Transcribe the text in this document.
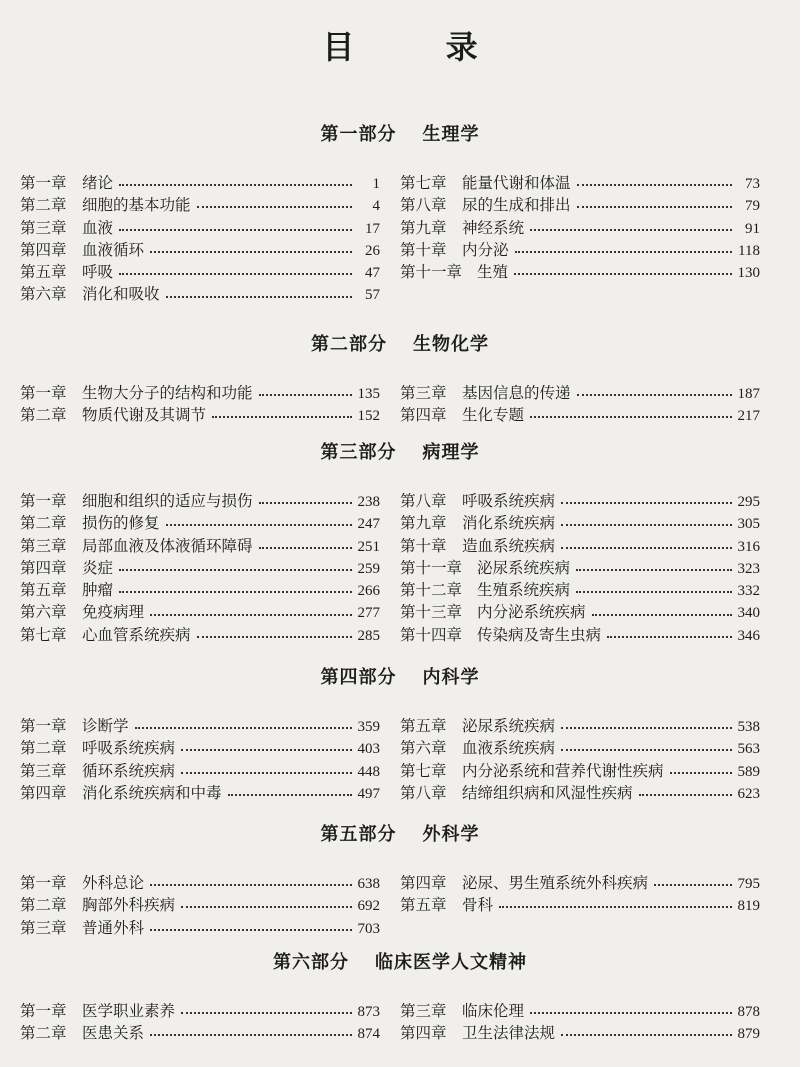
目 录
第一部分 生理学
第一章 绪论	1
第二章 细胞的基本功能	4
第三章 血液	17
第四章 血液循环	26
第五章 呼吸	47
第六章 消化和吸收	57
第七章 能量代谢和体温	73
第八章 尿的生成和排出	79
第九章 神经系统	91
第十章 内分泌	118
第十一章 生殖	130
第二部分 生物化学
第一章 生物大分子的结构和功能	135
第二章 物质代谢及其调节	152
第三章 基因信息的传递	187
第四章 生化专题	217
第三部分 病理学
第一章 细胞和组织的适应与损伤	238
第二章 损伤的修复	247
第三章 局部血液及体液循环障碍	251
第四章 炎症	259
第五章 肿瘤	266
第六章 免疫病理	277
第七章 心血管系统疾病	285
第八章 呼吸系统疾病	295
第九章 消化系统疾病	305
第十章 造血系统疾病	316
第十一章 泌尿系统疾病	323
第十二章 生殖系统疾病	332
第十三章 内分泌系统疾病	340
第十四章 传染病及寄生虫病	346
第四部分 内科学
第一章 诊断学	359
第二章 呼吸系统疾病	403
第三章 循环系统疾病	448
第四章 消化系统疾病和中毒	497
第五章 泌尿系统疾病	538
第六章 血液系统疾病	563
第七章 内分泌系统和营养代谢性疾病	589
第八章 结缔组织病和风湿性疾病	623
第五部分 外科学
第一章 外科总论	638
第二章 胸部外科疾病	692
第三章 普通外科	703
第四章 泌尿、男生殖系统外科疾病	795
第五章 骨科	819
第六部分 临床医学人文精神
第一章 医学职业素养	873
第二章 医患关系	874
第三章 临床伦理	878
第四章 卫生法律法规	879
